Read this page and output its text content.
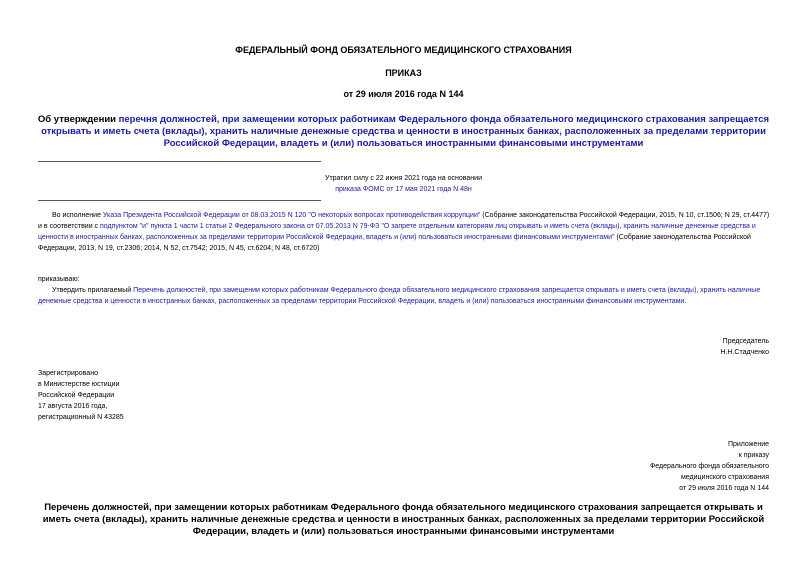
ФЕДЕРАЛЬНЫЙ ФОНД ОБЯЗАТЕЛЬНОГО МЕДИЦИНСКОГО СТРАХОВАНИЯ
ПРИКАЗ
от 29 июля 2016 года N 144
Об утверждении перечня должностей, при замещении которых работникам Федерального фонда обязательного медицинского страхования запрещается открывать и иметь счета (вклады), хранить наличные денежные средства и ценности в иностранных банках, расположенных за пределами территории Российской Федерации, владеть и (или) пользоваться иностранными финансовыми инструментами
Утратил силу с 22 июня 2021 года на основании
приказа ФОМС от 17 мая 2021 года N 48н
Во исполнение Указа Президента Российской Федерации от 08.03.2015 N 120 "О некоторых вопросах противодействия коррупции" (Собрание законодательства Российской Федерации, 2015, N 10, ст.1506; N 29, ст.4477) и в соответствии с подпунктом "и" пункта 1 части 1 статьи 2 Федерального закона от 07.05.2013 N 79-ФЗ "О запрете отдельным категориям лиц открывать и иметь счета (вклады), хранить наличные денежные средства и ценности в иностранных банках, расположенных за пределами территории Российской Федерации, владеть и (или) пользоваться иностранными финансовыми инструментами" (Собрание законодательства Российской Федерации, 2013, N 19, ст.2306; 2014, N 52, ст.7542; 2015, N 45, ст.6204; N 48, ст.6720)
приказываю:
Утвердить прилагаемый Перечень должностей, при замещении которых работникам Федерального фонда обязательного медицинского страхования запрещается открывать и иметь счета (вклады), хранить наличные денежные средства и ценности в иностранных банках, расположенных за пределами территории Российской Федерации, владеть и (или) пользоваться иностранными финансовыми инструментами.
Председатель
Н.Н.Стадченко

Зарегистрировано

в Министерстве юстиции

Российской Федерации

17 августа 2016 года,

регистрационный N 43285

Приложение

к приказу

Федерального фонда обязательного

медицинского страхования

от 29 июля 2016 года N 144

Перечень должностей, при замещении которых работникам Федерального фонда обязательного медицинского страхования запрещается открывать и иметь счета (вклады), хранить наличные денежные средства и ценности в иностранных банках, расположенных за пределами территории Российской Федерации, владеть и (или) пользоваться иностранными финансовыми инструментами
